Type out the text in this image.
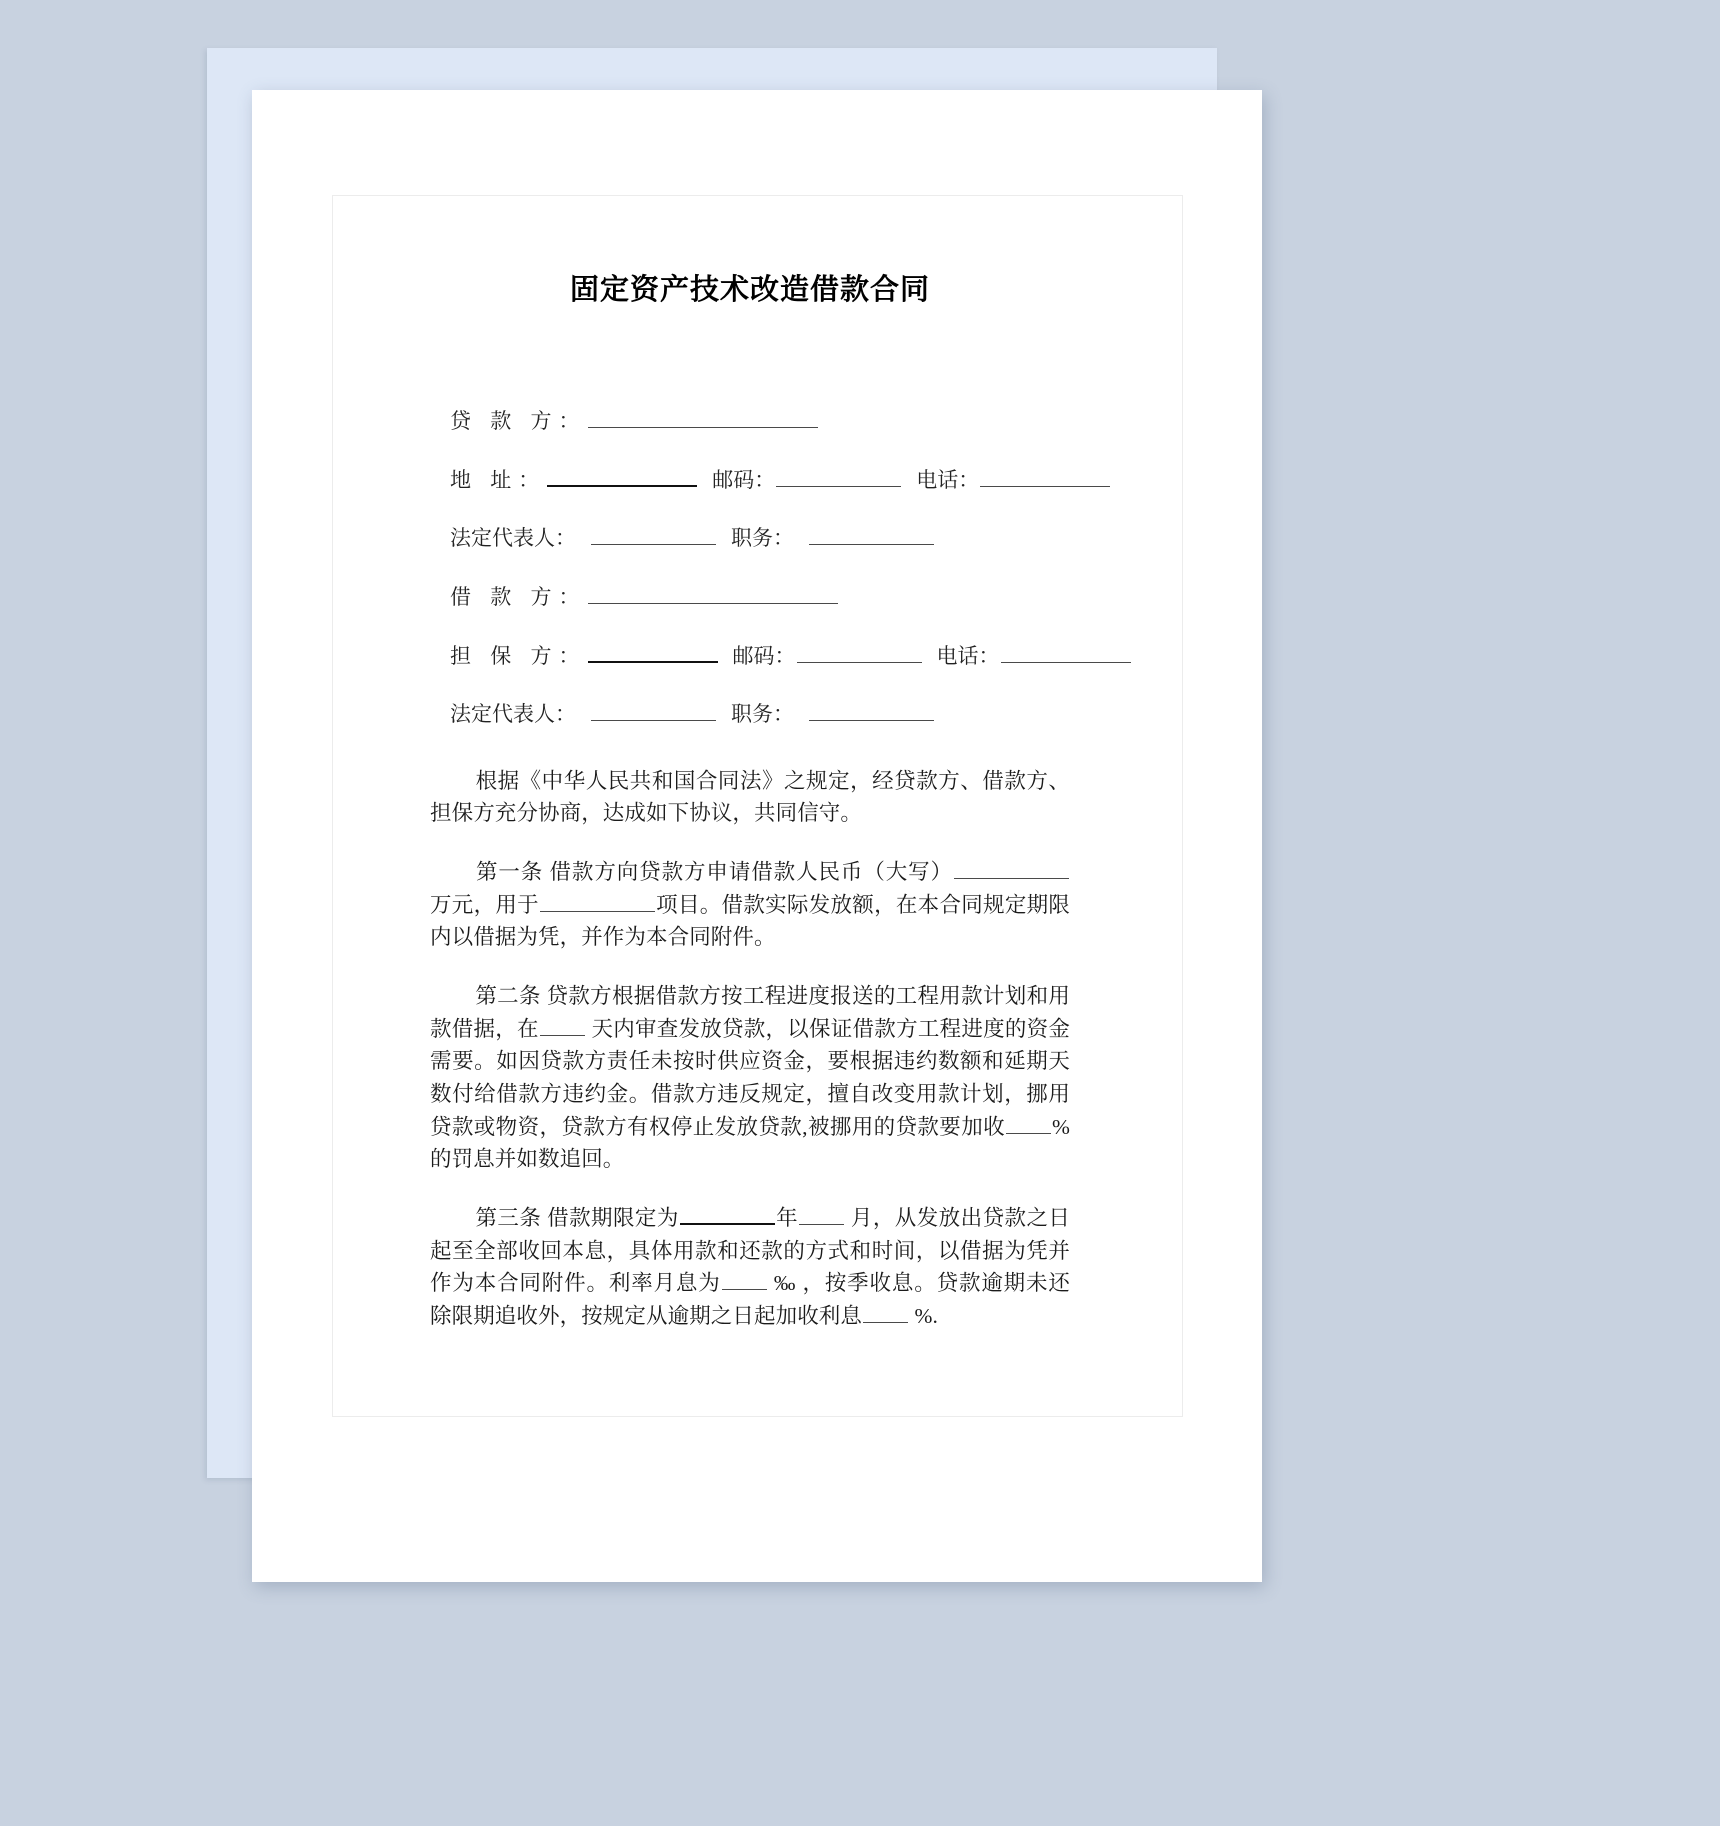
固定资产技术改造借款合同

贷 款 方：

地 址：	邮码：	电话：

法定代表人：	职务：

借 款 方：

担 保 方：	邮码：	电话：

法定代表人：	职务：

根据《中华人民共和国合同法》之规定，经贷款方、借款方、担保方充分协商，达成如下协议，共同信守。

第一条 借款方向贷款方申请借款人民币（大写）万元，用于	项目。借款实际发放额，在本合同规定期限内以借据为凭，并作为本合同附件。

第二条 贷款方根据借款方按工程进度报送的工程用款计划和用款借据，在 天内审查发放贷款，以保证借款方工程进度的资金需要。如因贷款方责任未按时供应资金，要根据违约数额和延期天数付给借款方违约金。借款方违反规定，擅自改变用款计划，挪用贷款或物资，贷款方有权停止发放贷款,被挪用的贷款要加收 %的罚息并如数追回。

第三条 借款期限定为	年 月，从发放出贷款之日起至全部收回本息，具体用款和还款的方式和时间，以借据为凭并作为本合同附件。利率月息为 ‰ ，按季收息。贷款逾期未还除限期追收外，按规定从逾期之日起加收利息 %.
